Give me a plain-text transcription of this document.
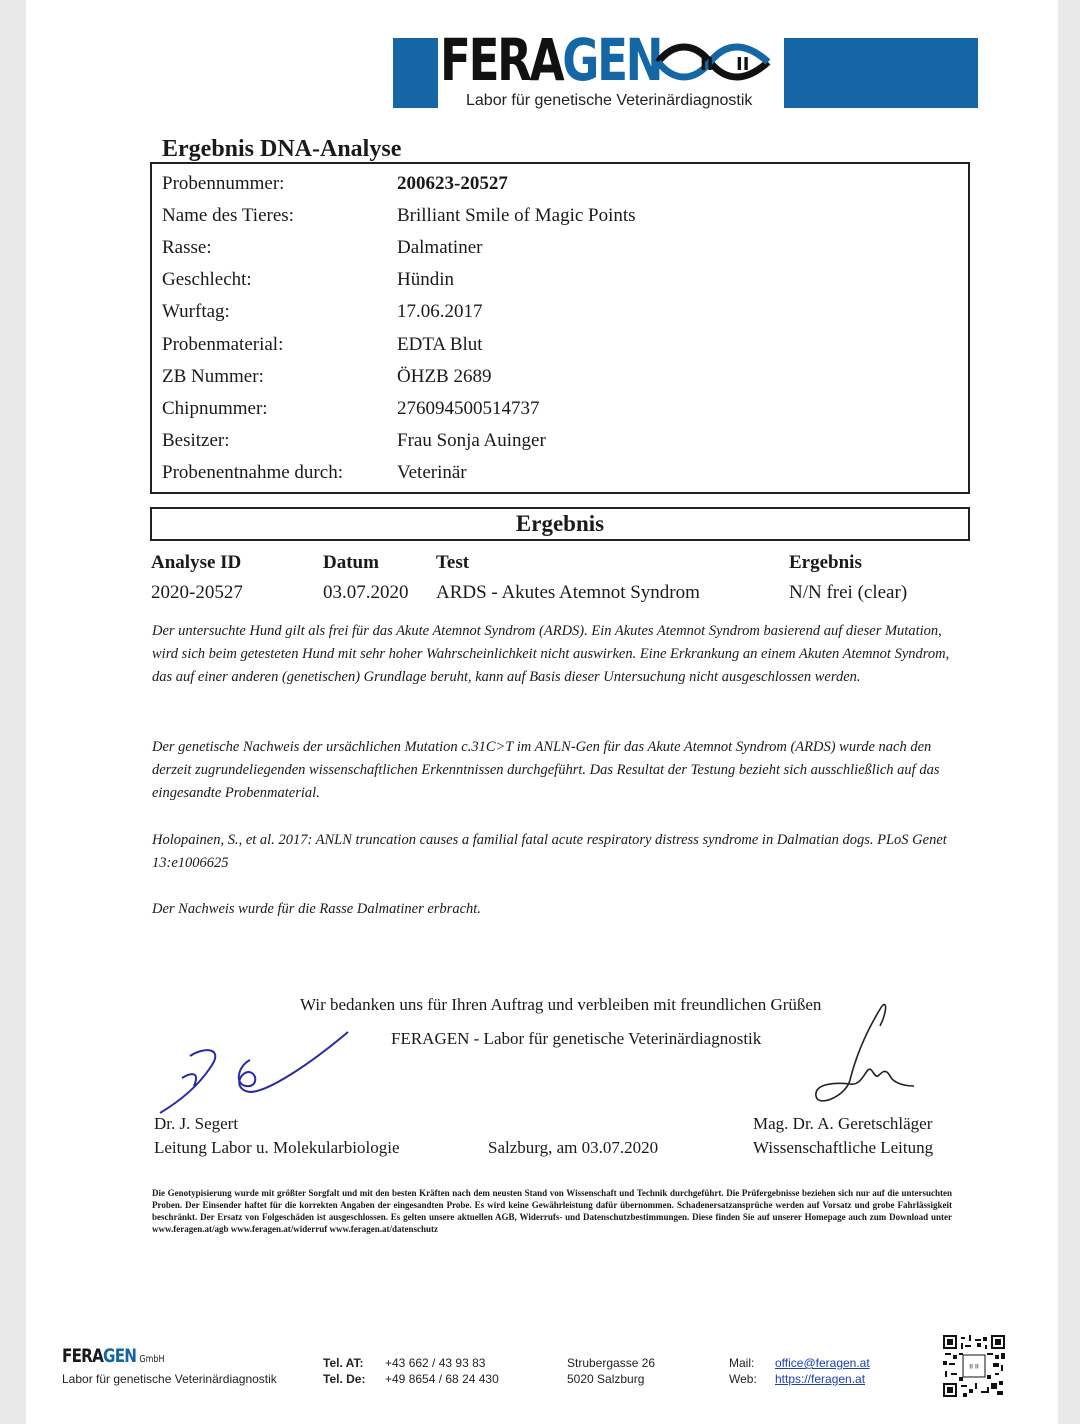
FERAGEN II II
Labor für genetische Veterinärdiagnostik
Ergebnis DNA-Analyse
Probennummer:	200623-20527
Name des Tieres:	Brilliant Smile of Magic Points
Rasse:	Dalmatiner
Geschlecht:	Hündin
Wurftag:	17.06.2017
Probenmaterial:	EDTA Blut
ZB Nummer:	ÖHZB 2689
Chipnummer:	276094500514737
Besitzer:	Frau Sonja Auinger
Probenentnahme durch:	Veterinär
Ergebnis
Analyse ID	Datum	Test	Ergebnis
2020-20527	03.07.2020 ARDS - Akutes Atemnot Syndrom	N/N frei (clear)
Der untersuchte Hund gilt als frei für das Akute Atemnot Syndrom (ARDS). Ein Akutes Atemnot Syndrom basierend auf dieser Mutation, wird sich beim getesteten Hund mit sehr hoher Wahrscheinlichkeit nicht auswirken. Eine Erkrankung an einem Akuten Atemnot Syndrom, das auf einer anderen (genetischen) Grundlage beruht, kann auf Basis dieser Untersuchung nicht ausgeschlossen werden.
Der genetische Nachweis der ursächlichen Mutation c.31C>T im ANLN-Gen für das Akute Atemnot Syndrom (ARDS) wurde nach den derzeit zugrundeliegenden wissenschaftlichen Erkenntnissen durchgeführt. Das Resultat der Testung bezieht sich ausschließlich auf das eingesandte Probenmaterial.
Holopainen, S., et al. 2017: ANLN truncation causes a familial fatal acute respiratory distress syndrome in Dalmatian dogs. PLoS Genet 13:e1006625
Der Nachweis wurde für die Rasse Dalmatiner erbracht.
Wir bedanken uns für Ihren Auftrag und verbleiben mit freundlichen Grüßen
FERAGEN - Labor für genetische Veterinärdiagnostik
Dr. J. Segert
Leitung Labor u. Molekularbiologie	Salzburg, am 03.07.2020
Mag. Dr. A. Geretschläger
Wissenschaftliche Leitung
Die Genotypisierung wurde mit größter Sorgfalt und mit den besten Kräften nach dem neusten Stand von Wissenschaft und Technik durchgeführt. Die Prüfergebnisse beziehen sich nur auf die untersuchten Proben. Der Einsender haftet für die korrekten Angaben der eingesandten Probe. Es wird keine Gewährleistung dafür übernommen. Schadenersatzansprüche werden auf Vorsatz und grobe Fahrlässigkeit beschränkt. Der Ersatz von Folgeschäden ist ausgeschlossen. Es gelten unsere aktuellen AGB, Widerrufs- und Datenschutzbestimmungen. Diese finden Sie auf unserer Homepage auch zum Download unter www.feragen.at/agb www.feragen.at/widerruf www.feragen.at/datenschutz
FERAGEN GmbH
Labor für genetische Veterinärdiagnostik
Tel. AT: +43 662 / 43 93 83
Tel. De: +49 8654 / 68 24 430
Strubergasse 26
5020 Salzburg
Mail: office@feragen.at
Web: https://feragen.at
II II
